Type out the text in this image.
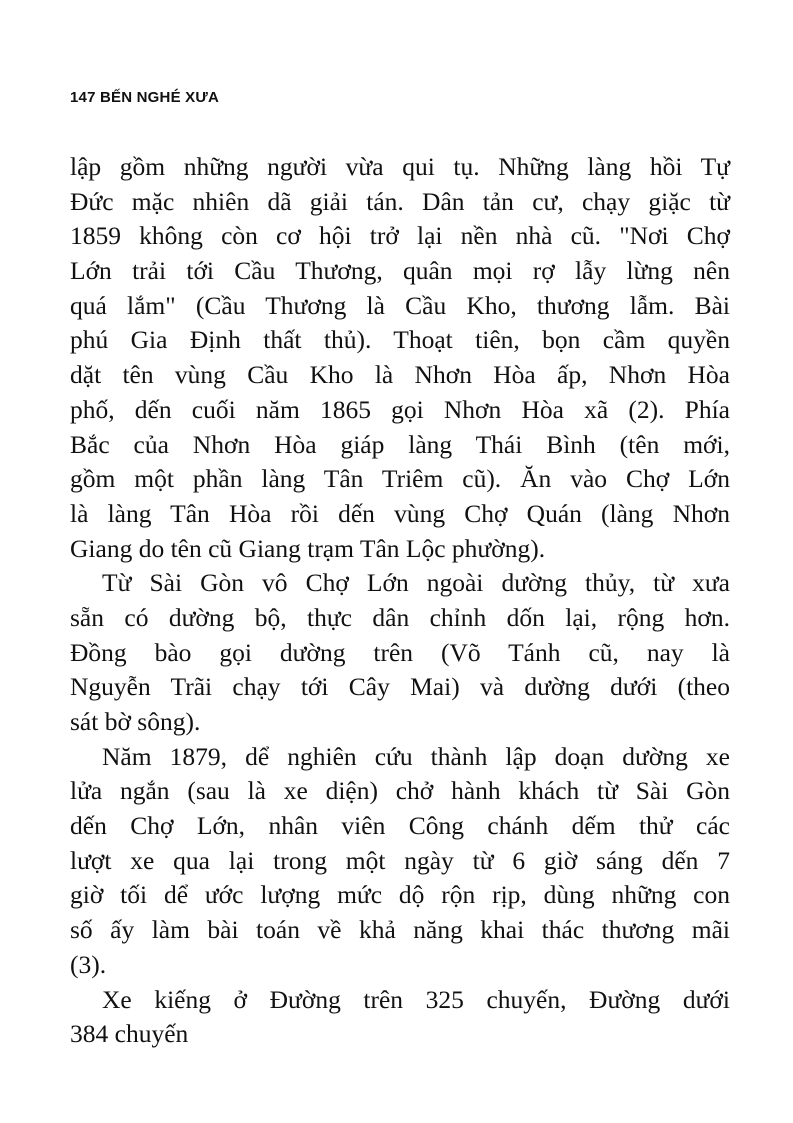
147 BẾN NGHÉ XƯA
lập gồm những người vừa qui tụ. Những làng hồi Tự
Đức mặc nhiên dã giải tán. Dân tản cư, chạy giặc từ
1859 không còn cơ hội trở lại nền nhà cũ. "Nơi Chợ
Lớn trải tới Cầu Thương, quân mọi rợ lẫy lừng nên
quá lắm" (Cầu Thương là Cầu Kho, thương lẫm. Bài
phú Gia Định thất thủ). Thoạt tiên, bọn cầm quyền
dặt tên vùng Cầu Kho là Nhơn Hòa ấp, Nhơn Hòa
phố, dến cuối năm 1865 gọi Nhơn Hòa xã (2). Phía
Bắc của Nhơn Hòa giáp làng Thái Bình (tên mới,
gồm một phần làng Tân Triêm cũ). Ăn vào Chợ Lớn
là làng Tân Hòa rồi dến vùng Chợ Quán (làng Nhơn
Giang do tên cũ Giang trạm Tân Lộc phường).
Từ Sài Gòn vô Chợ Lớn ngoài dường thủy, từ xưa
sẵn có dường bộ, thực dân chỉnh dốn lại, rộng hơn.
Đồng bào gọi dường trên (Võ Tánh cũ, nay là
Nguyễn Trãi chạy tới Cây Mai) và dường dưới (theo
sát bờ sông).
Năm 1879, dể nghiên cứu thành lập doạn dường xe
lửa ngắn (sau là xe diện) chở hành khách từ Sài Gòn
dến Chợ Lớn, nhân viên Công chánh dếm thử các
lượt xe qua lại trong một ngày từ 6 giờ sáng dến 7
giờ tối dể ước lượng mức dộ rộn rịp, dùng những con
số ấy làm bài toán về khả năng khai thác thương mãi
(3).
Xe kiếng ở Đường trên 325 chuyến, Đường dưới
384 chuyến
